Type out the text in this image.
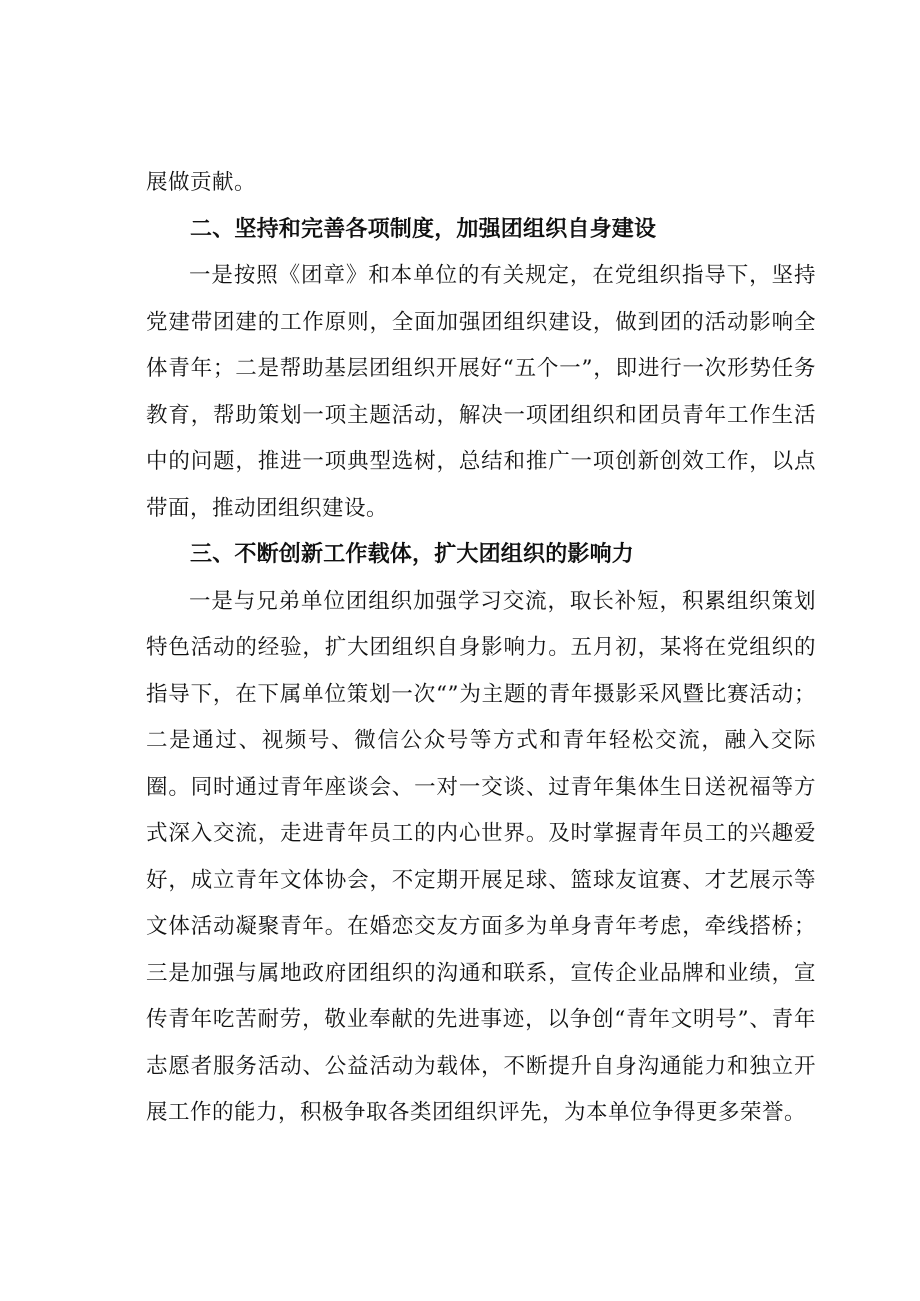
展做贡献。

二、坚持和完善各项制度，加强团组织自身建设

一是按照《团章》和本单位的有关规定，在党组织指导下，坚持党建带团建的工作原则，全面加强团组织建设，做到团的活动影响全体青年；二是帮助基层团组织开展好“五个一”，即进行一次形势任务教育，帮助策划一项主题活动，解决一项团组织和团员青年工作生活中的问题，推进一项典型选树，总结和推广一项创新创效工作，以点带面，推动团组织建设。

三、不断创新工作载体，扩大团组织的影响力

一是与兄弟单位团组织加强学习交流，取长补短，积累组织策划特色活动的经验，扩大团组织自身影响力。五月初，某将在党组织的指导下，在下属单位策划一次“”为主题的青年摄影采风暨比赛活动；二是通过、视频号、微信公众号等方式和青年轻松交流，融入交际圈。同时通过青年座谈会、一对一交谈、过青年集体生日送祝福等方式深入交流，走进青年员工的内心世界。及时掌握青年员工的兴趣爱好，成立青年文体协会，不定期开展足球、篮球友谊赛、才艺展示等文体活动凝聚青年。在婚恋交友方面多为单身青年考虑，牵线搭桥；三是加强与属地政府团组织的沟通和联系，宣传企业品牌和业绩，宣传青年吃苦耐劳，敬业奉献的先进事迹，以争创“青年文明号”、青年志愿者服务活动、公益活动为载体，不断提升自身沟通能力和独立开展工作的能力，积极争取各类团组织评先，为本单位争得更多荣誉。
